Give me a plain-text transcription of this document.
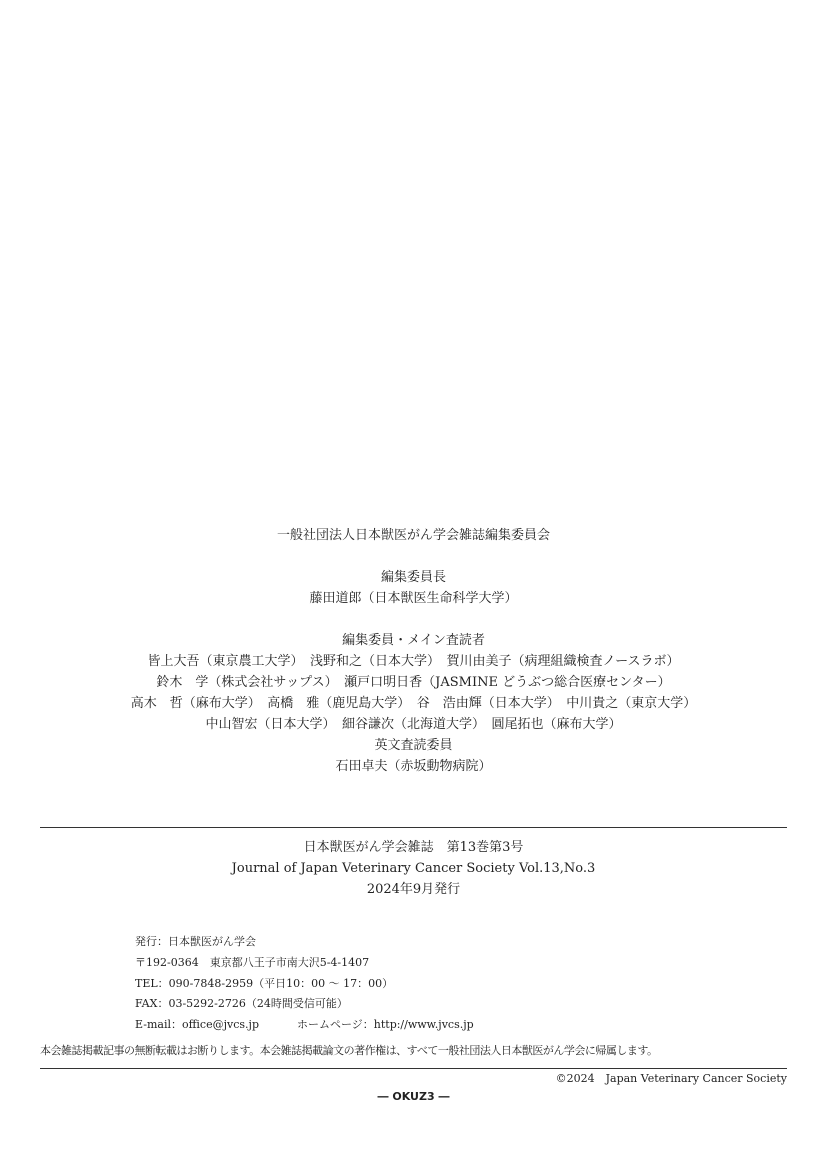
一般社団法人日本獣医がん学会雑誌編集委員会
編集委員長
藤田道郎（日本獣医生命科学大学）
編集委員・メイン査読者
皆上大吾（東京農工大学）　浅野和之（日本大学）　賀川由美子（病理組織検査ノースラボ）
鈴木　学（株式会社サップス）　瀬戸口明日香（JASMINE どうぶつ総合医療センター）
高木　哲（麻布大学）　高橋　雅（鹿児島大学）　谷　浩由輝（日本大学）　中川貴之（東京大学）
中山智宏（日本大学）　細谷謙次（北海道大学）　圓尾拓也（麻布大学）
英文査読委員
石田卓夫（赤坂動物病院）
日本獣医がん学会雑誌　第13巻第3号
Journal of Japan Veterinary Cancer Society Vol.13,No.3
2024年9月発行
発行：日本獣医がん学会
〒192-0364　東京都八王子市南大沢5-4-1407
TEL：090-7848-2959（平日10：00 ～ 17：00）
FAX：03-5292-2726（24時間受信可能）
E-mail：office@jvcs.jp	ホームページ：http://www.jvcs.jp
本会雑誌掲載記事の無断転載はお断りします。本会雑誌掲載論文の著作権は、すべて一般社団法人日本獣医がん学会に帰属します。
©2024　Japan Veterinary Cancer Society
― OKUZ3 ―
